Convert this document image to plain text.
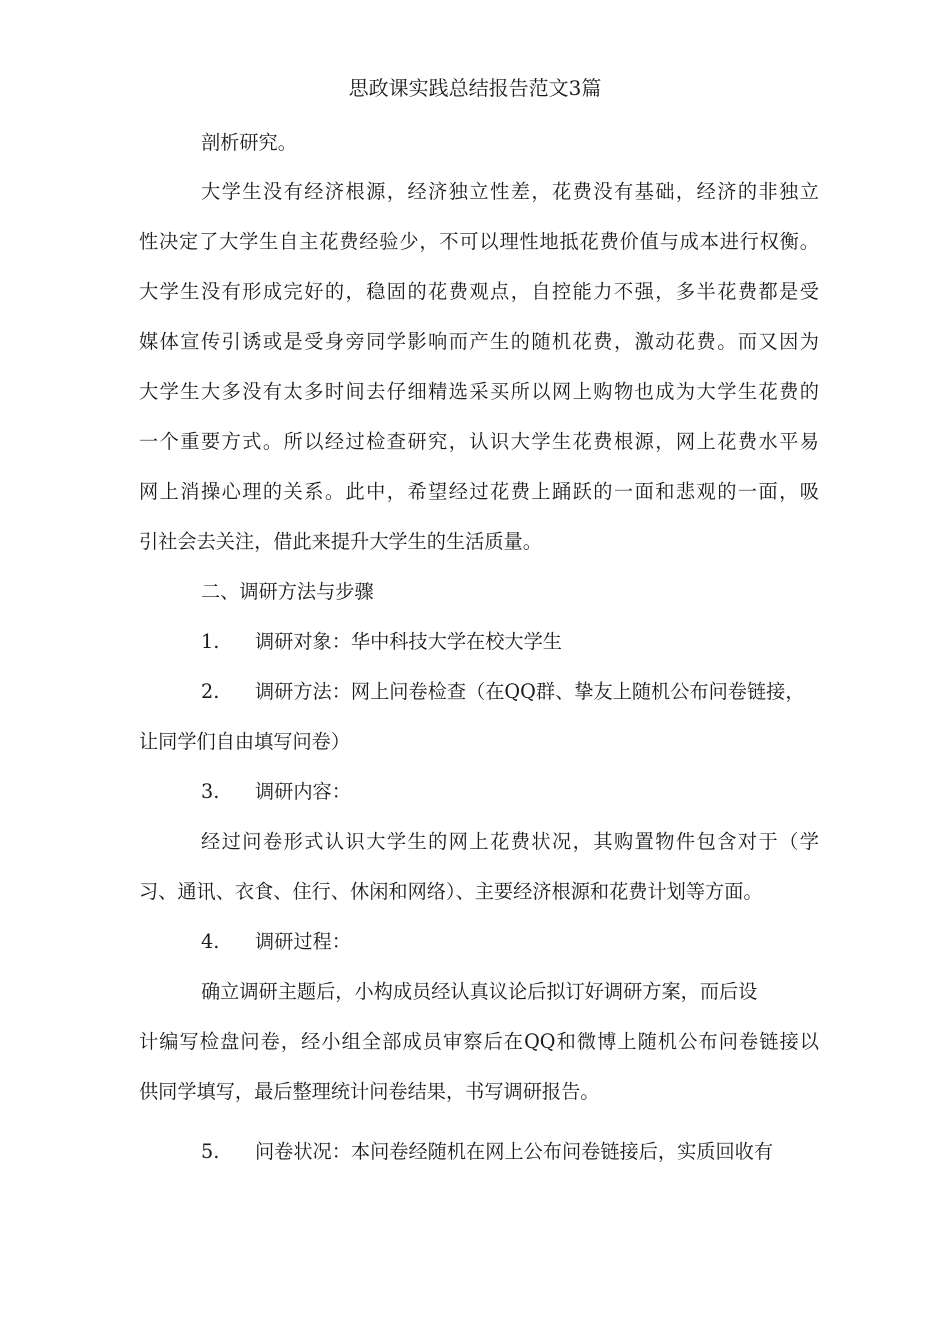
思政课实践总结报告范文3篇
剖析研究。
大学生没有经济根源，经济独立性差，花费没有基础，经济的非独立
性决定了大学生自主花费经验少，不可以理性地抵花费价值与成本进行权衡。
大学生没有形成完好的，稳固的花费观点，自控能力不强，多半花费都是受
媒体宣传引诱或是受身旁同学影响而产生的随机花费，激动花费。而又因为
大学生大多没有太多时间去仔细精选采买所以网上购物也成为大学生花费的
一个重要方式。所以经过检查研究，认识大学生花费根源，网上花费水平易
网上消操心理的关系。此中，希望经过花费上踊跃的一面和悲观的一面，吸
引社会去关注，借此来提升大学生的生活质量。
二、调研方法与步骤
1. 调研对象：华中科技大学在校大学生
2. 调研方法：网上问卷检查（在QQ群、挚友上随机公布问卷链接，
让同学们自由填写问卷）
3. 调研内容：
经过问卷形式认识大学生的网上花费状况，其购置物件包含对于（学
习、通讯、衣食、住行、休闲和网络）、主要经济根源和花费计划等方面。
4. 调研过程：
确立调研主题后，小构成员经认真议论后拟订好调研方案，而后设
计编写检盘问卷，经小组全部成员审察后在QQ和微博上随机公布问卷链接以
供同学填写，最后整理统计问卷结果，书写调研报告。
5. 问卷状况：本问卷经随机在网上公布问卷链接后，实质回收有
